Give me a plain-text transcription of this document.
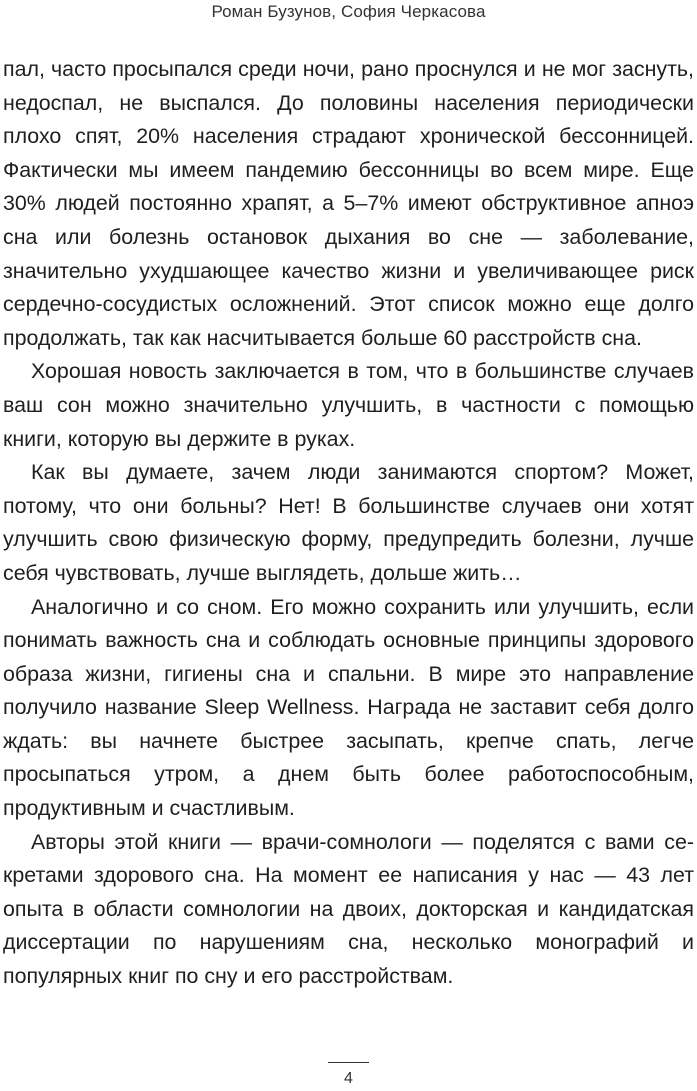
Роман Бузунов, София Черкасова

пал, часто просыпался среди ночи, рано проснулся и не мог заснуть, недоспал, не выспался. До половины населения периодически плохо спят, 20% населения страдают хронической бессонницей. Фактически мы имеем пандемию бессонницы во всем мире. Еще 30% людей постоянно храпят, а 5–7% имеют обструктивное апноэ сна или болезнь остановок дыхания во сне — заболевание, значительно ухудшающее качество жизни и увеличивающее риск сердечно-сосудистых осложнений. Этот список можно еще долго продолжать, так как насчитывается больше 60 расстройств сна.

Хорошая новость заключается в том, что в большинстве случаев ваш сон можно значительно улучшить, в частности с помощью книги, которую вы держите в руках.

Как вы думаете, зачем люди занимаются спортом? Может, потому, что они больны? Нет! В большинстве случаев они хотят улучшить свою физическую форму, предупредить болезни, лучше себя чувствовать, лучше выглядеть, дольше жить…

Аналогично и со сном. Его можно сохранить или улучшить, если понимать важность сна и соблюдать основные принципы здорового образа жизни, гигиены сна и спальни. В мире это направление получило название Sleep Wellness. Награда не заставит себя долго ждать: вы начнете быстрее засыпать, крепче спать, легче просыпаться утром, а днем быть более работоспособным, продуктивным и счастливым.

Авторы этой книги — врачи-сомнологи — поделятся с вами секретами здорового сна. На момент ее написания у нас — 43 лет опыта в области сомнологии на двоих, докторская и кандидатская диссертации по нарушениям сна, несколько монографий и популярных книг по сну и его расстройствам.

4
